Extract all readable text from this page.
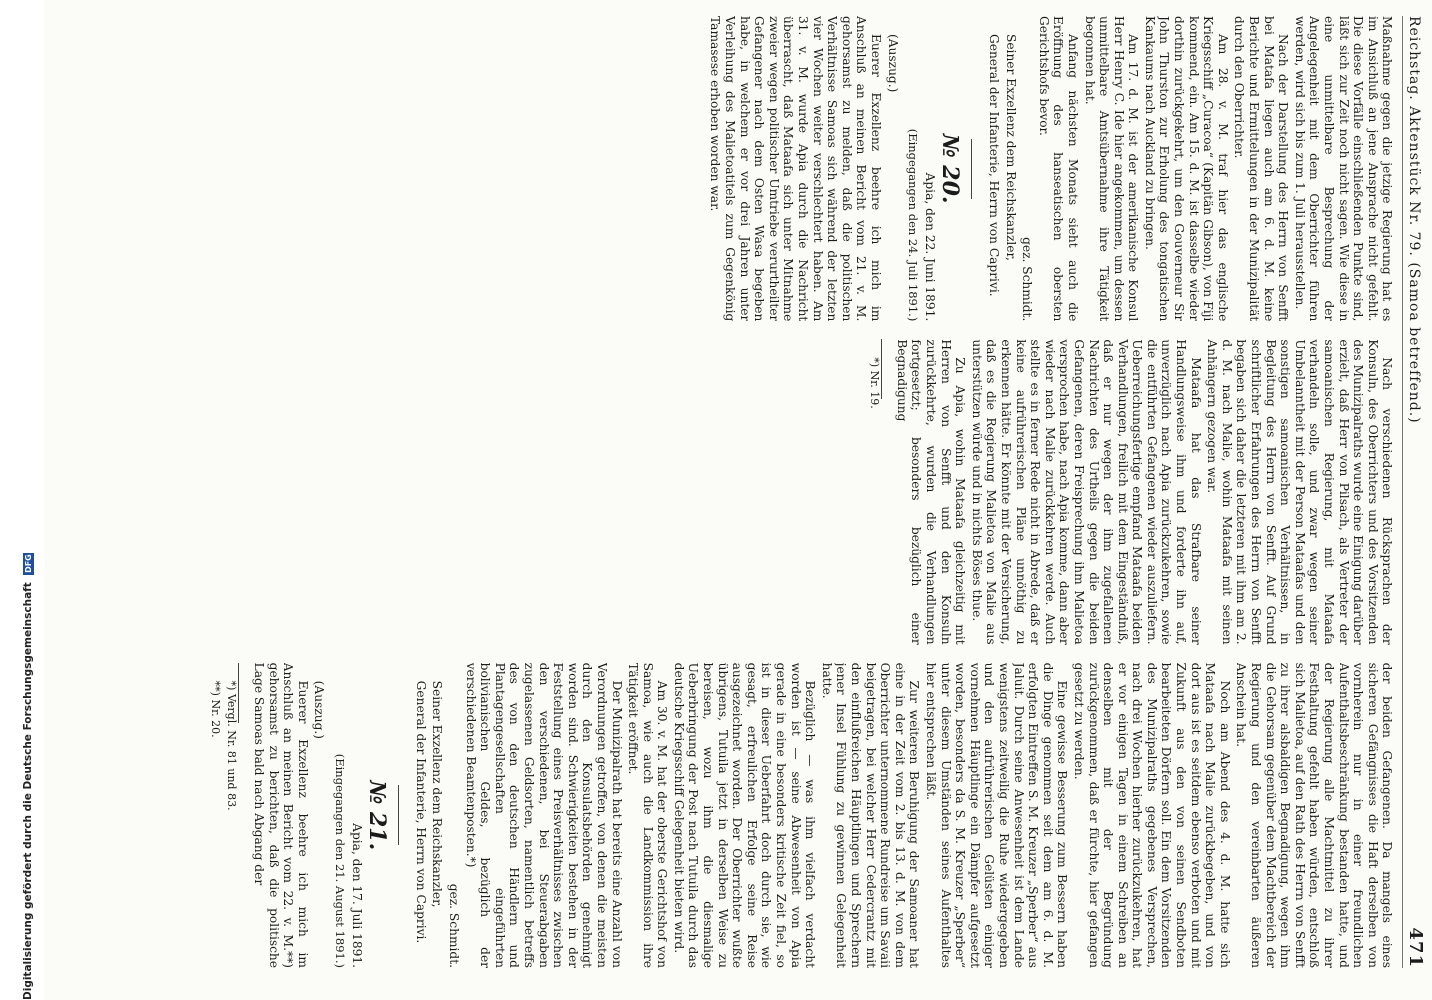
Digitalisierung gefördert durch die Deutsche Forschungsgemeinschaft DFG
Reichstag. Aktenstück Nr. 79. (Samoa betreffend.)
471

Maßnahme gegen die jetzige Regierung hat es im Ansichluß an jene Ansprache nicht gefehlt. Die diese Vorfälle einschließenden Punkte sind, läßt sich zur Zeit noch nicht sagen. Wie diese in eine unmittelbare Besprechung der Angelegenheit mit dem Oberrichter führen werden, wird sich bis zum 1. Juli herausstellen.

Nach der Darstellung des Herrn von Senfft bei Matafa liegen auch am 6. d. M. keine Berichte und Ermittelungen in der Munizipalität durch den Oberrichter.

Am 28. v. M. traf hier das englische Kriegsschiff „Curacoa“ (Kapitän Gibson), von Fiji kommend, ein. Am 15. d. M. ist dasselbe wieder dorthin zurückgekehrt, um den Gouverneur Sir John Thurston zur Erholung des tongatischen Kankaums nach Auckland zu bringen.

Am 17. d. M. ist der amerikanische Konsul Herr Henry C. Ide hier angekommen, um dessen unmittelbare Amtsübernahme ihre Tätigkeit begonnen hat.

Anfang nächsten Monats sieht auch die Eröffnung des hanseatischen obersten Gerichtshofs bevor.

gez. Schmidt.

Seiner Exzellenz dem Reichskanzler,

General der Infanterie, Herrn von Caprivi.

№ 20.
Apia, den 22. Juni 1891.
(Eingegangen den 24. Juli 1891.)

(Auszug.)

Euerer Exzellenz beehre ich mich im Anschluß an meinen Bericht vom 21. v. M. gehorsamst zu melden, daß die politischen Verhältnisse Samoas sich während der letzten vier Wochen weiter verschlechtert haben. Am 31. v. M. wurde Apia durch die Nachricht überrascht, daß Mataafa sich unter Mitnahme zweier wegen politischer Umtriebe verurtheilter Gefangener nach dem Osten Wasa begeben habe, in welchem er vor drei Jahren unter Verleihung des Malietoatitels zum Gegenkönig Tamasese erhoben worden war.

Nach verschiedenen Rücksprachen der Konsuln, des Oberrichters und des Vorsitzenden des Munizipalraths wurde eine Einigung darüber erzielt, daß Herr von Pilsach, als Vertreter der samoanischen Regierung, mit Mataafa verhandeln solle, und zwar wegen seiner Umbelanntheit mit der Person Mataafas und den sonstigen samoanischen Verhältnissen, in Begleitung des Herrn von Senfft. Auf Grund schriftlicher Erfahrungen des Herrn von Senfft begaben sich daher die letzteren mit ihm am 2. d. M. nach Malie, wohin Mataafa mit seinen Anhängern gezogen war.

Mataafa hat das Strafbare seiner Handlungsweise ihm und forderte ihn auf, unverzüglich nach Apia zurückzukehren, sowie die entführten Gefangenen wieder auszuliefern. Ueberreichungsfertige empfand Mataafa beiden Verhandlungen, freilich mit dem Eingeständniß, daß er nur wegen der ihm zugefallenen Nachrichten des Urtheils gegen die beiden Gefangenen, deren Freisprechung ihm Malietoa versprochen habe, nach Apia komme, dann aber wieder nach Malie zurückkehren werde. Auch stellte es in ferner Rede nicht in Abrede, daß er keine aufrührerischen Pläne unnöthig zu erkennen hätte. Er könnte mit der Versicherung, daß es die Regierung Malietoa von Malie aus unterstützen würde und in nichts Böses thue.

Zu Apia, wohin Mataafa gleichzeitig mit Herren von Senfft und den Konsuln zurückkehrte, wurden die Verhandlungen fortgesetzt; besonders bezüglich einer Begnadigung

*) Nr. 19.

der beiden Gefangenen. Da mangels eines sicheren Gefängnisses die Haft derselben von vornherein nur in einer freundlichen Aufenthaltsbeschränkung bestanden hatte, und der Regierung alle Machtmittel zu ihrer Festhaltung gefehlt haben würden, entschloß sich Malietoa, auf den Rath des Herrn von Senfft zu ihrer alsbaldigen Begnadigung, wegen ihm die Gehorsam gegenüber dem Machtbereich der Regierung und den vereinbarten äußeren Anschein hat.

Noch am Abend des 4. d. M. hatte sich Mataafa nach Malie zurückbegeben, und von dort aus ist es seitdem ebenso verboten und mit Zukunft aus den von seinen Sendboten bearbeiteten Dörfern soll. Ein dem Vorsitzenden des Munizipalraths gegebenes Versprechen, nach drei Wochen hierher zurückzukehren, hat er vor einigen Tagen in einem Schreiben an denselben mit der Begründung zurückgenommen, daß er fürchte, hier gefangen gesetzt zu werden.

Eine gewisse Besserung zum Bessern haben die Dinge genommen seit dem am 6. d. M. erfolgten Eintreffen S. M. Kreuzer „Sperber“ aus Jaluit. Durch seine Anwesenheit ist dem Lande wenigstens zeitweilig die Ruhe wiedergegeben und den aufrührerischen Gelüsten einiger vornehmen Häuptlinge ein Dämpfer aufgesetzt worden, besonders da S. M. Kreuzer „Sperber“ unter diesem Umständen seines Aufenthaltes hier entsprechen läßt.

Zur weiteren Beruhigung der Samoaner hat eine in der Zeit vom 2. bis 13. d. M. von dem Oberrichter unternommene Rundreise um Savaii beigetragen, bei welcher Herr Cedercrantz mit den einflußreichen Häuptlingen und Sprechern jener Insel Fühlung zu gewinnen Gelegenheit hatte.

Bezüglich — was ihm vielfach verdacht worden ist — seine Abwesenheit von Apia gerade in eine besonders kritische Zeit fiel, so ist in dieser Ueberfahrt doch durch sie, wie gesagt, erfreulichen Erfolge seine Reise ausgezeichnet worden. Der Oberrichter wußte übrigens, Tutuila jetzt in derselben Weise zu bereisen, wozu ihm die diesmalige Ueberbringung der Post nach Tutuila durch das deutsche Kriegsschiff Gelegenheit bieten wird.

Am 30. v. M. hat der oberste Gerichtshof von Samoa, wie auch die Landkommission ihre Tätigkeit eröffnet.

Der Munizipalrath hat bereits eine Anzahl von Verordnungen getroffen, von denen die meisten durch den Konsulatsbehörden genehmigt worden sind. Schwierigkeiten bestehen in der Feststellung eines Preisverhältnisses zwischen den verschiedenen, bei Steuerabgaben zugelassenen Geldsorten, namentlich betreffs des von den deutschen Händlern und Plantagengesellschaften eingeführten bolivianischen Geldes, bezüglich der verschiedenen Beamtenposten.*)

gez. Schmidt.

Seiner Exzellenz dem Reichskanzler,

General der Infanterie, Herrn von Caprivi.

№ 21.
Apia, den 17. Juli 1891.
(Eingegangen den 21. August 1891.)

(Auszug.)

Euerer Exzellenz beehre ich mich im Anschluß an meinen Bericht vom 22. v. M.**) gehorsamst zu berichten, daß die politische Lage Samoas bald nach Abgang der

*) Vergl. Nr. 81 und 83.

**) Nr. 20.
